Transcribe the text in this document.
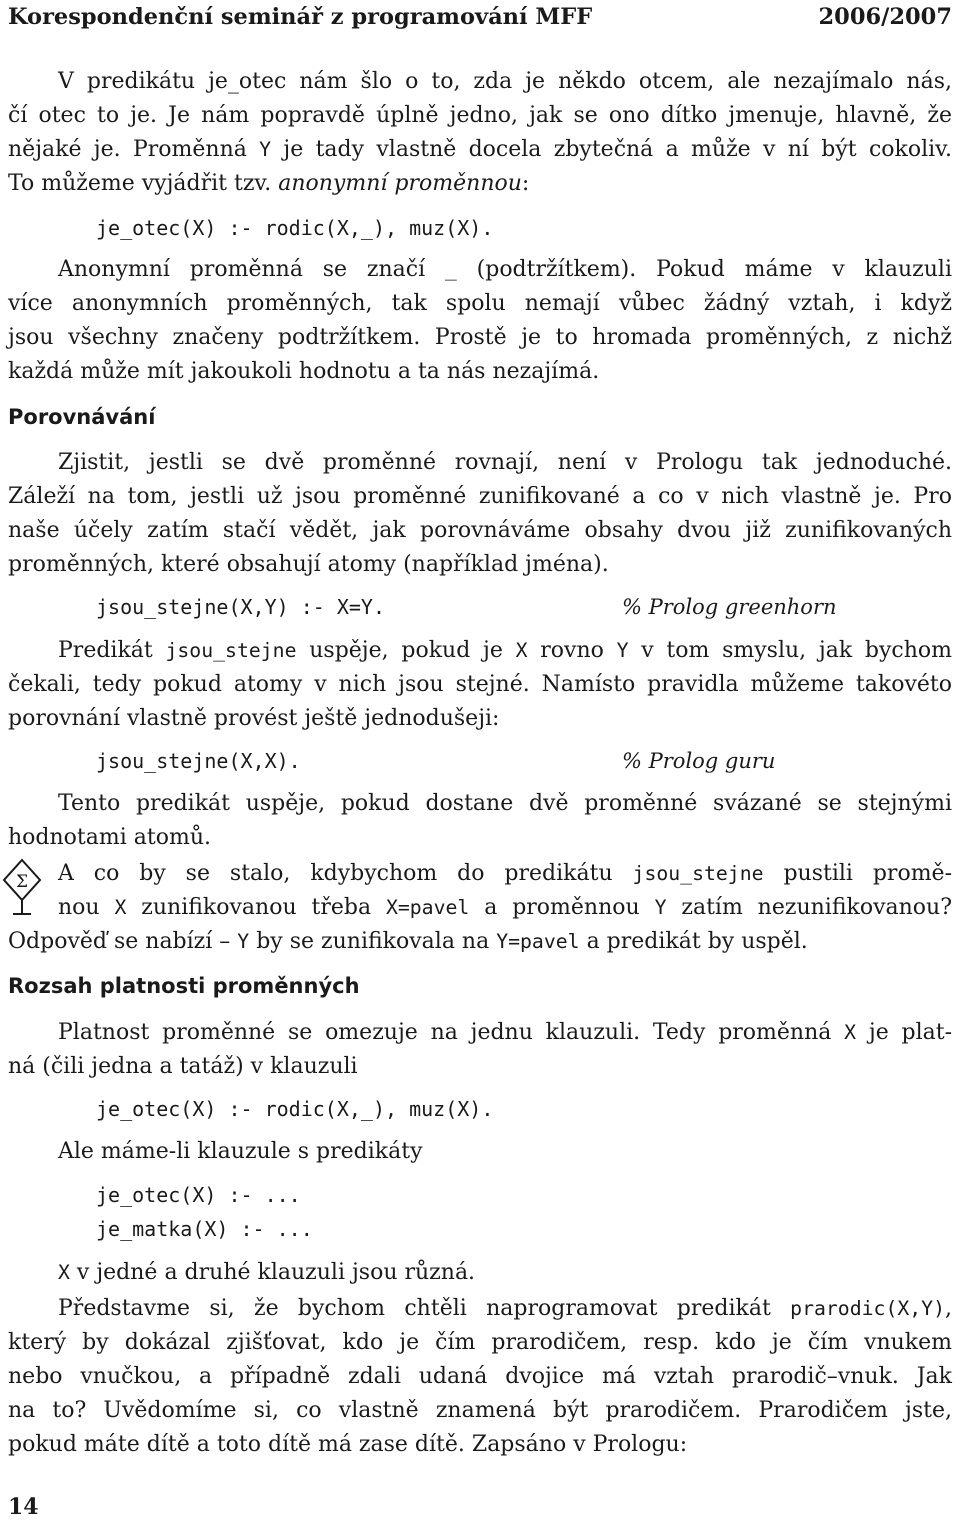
Korespondenční seminář z programování MFF	2006/2007
V predikátu je_otec nám šlo o to, zda je někdo otcem, ale nezajímalo nás,
čí otec to je. Je nám popravdě úplně jedno, jak se ono dítko jmenuje, hlavně, že
nějaké je. Proměnná Y je tady vlastně docela zbytečná a může v ní být cokoliv.
To můžeme vyjádřit tzv. anonymní proměnnou:
je_otec(X) :- rodic(X,_), muz(X).
Anonymní proměnná se značí _ (podtržítkem). Pokud máme v klauzuli
více anonymních proměnných, tak spolu nemají vůbec žádný vztah, i když
jsou všechny značeny podtržítkem. Prostě je to hromada proměnných, z nichž
každá může mít jakoukoli hodnotu a ta nás nezajímá.
Porovnávání
Zjistit, jestli se dvě proměnné rovnají, není v Prologu tak jednoduché.
Záleží na tom, jestli už jsou proměnné zunifikované a co v nich vlastně je. Pro
naše účely zatím stačí vědět, jak porovnáváme obsahy dvou již zunifikovaných
proměnných, které obsahují atomy (například jména).
jsou_stejne(X,Y) :- X=Y.	% Prolog greenhorn
Predikát jsou_stejne uspěje, pokud je X rovno Y v tom smyslu, jak bychom
čekali, tedy pokud atomy v nich jsou stejné. Namísto pravidla můžeme takovéto
porovnání vlastně provést ještě jednodušeji:
jsou_stejne(X,X).	% Prolog guru
Tento predikát uspěje, pokud dostane dvě proměnné svázané se stejnými
hodnotami atomů.
Σ A co by se stalo, kdybychom do predikátu jsou_stejne pustili promě-
nou X zunifikovanou třeba X=pavel a proměnnou Y zatím nezunifikovanou?
Odpověď se nabízí – Y by se zunifikovala na Y=pavel a predikát by uspěl.
Rozsah platnosti proměnných
Platnost proměnné se omezuje na jednu klauzuli. Tedy proměnná X je plat-
ná (čili jedna a tatáž) v klauzuli
je_otec(X) :- rodic(X,_), muz(X).
Ale máme-li klauzule s predikáty
je_otec(X) :- ...
je_matka(X) :- ...
X v jedné a druhé klauzuli jsou různá.
Představme si, že bychom chtěli naprogramovat predikát prarodic(X,Y),
který by dokázal zjišťovat, kdo je čím prarodičem, resp. kdo je čím vnukem
nebo vnučkou, a případně zdali udaná dvojice má vztah prarodič–vnuk. Jak
na to? Uvědomíme si, co vlastně znamená být prarodičem. Prarodičem jste,
pokud máte dítě a toto dítě má zase dítě. Zapsáno v Prologu:
14
